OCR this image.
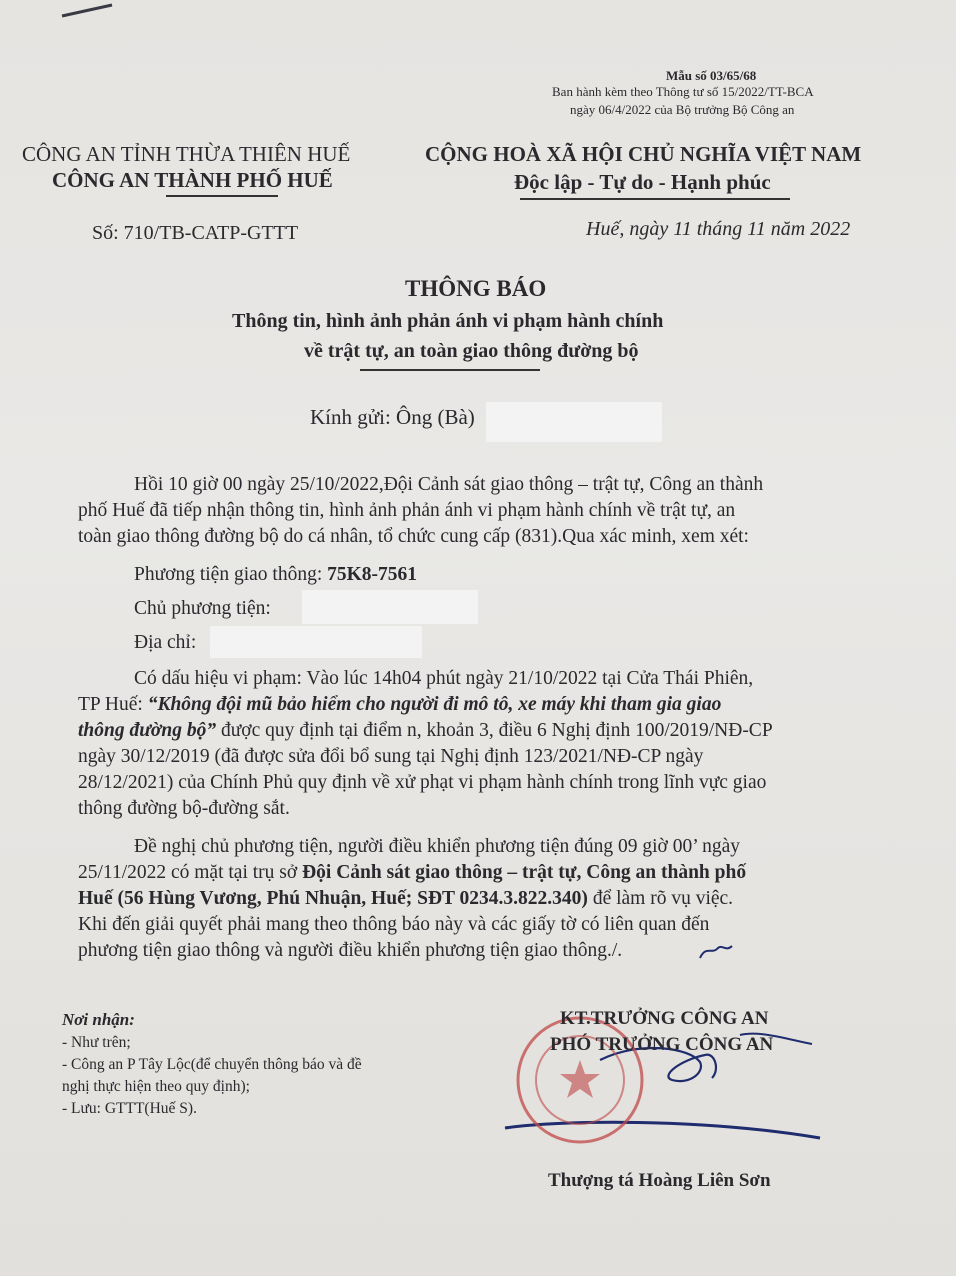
Mẫu số 03/65/68
Ban hành kèm theo Thông tư số 15/2022/TT-BCA
ngày 06/4/2022 của Bộ trưởng Bộ Công an
CÔNG AN TỈNH THỪA THIÊN HUẾ
CÔNG AN THÀNH PHỐ HUẾ
CỘNG HOÀ XÃ HỘI CHỦ NGHĨA VIỆT NAM
Độc lập - Tự do - Hạnh phúc
Số: 710/TB-CATP-GTTT	Huế, ngày 11 tháng 11 năm 2022
THÔNG BÁO
Thông tin, hình ảnh phản ánh vi phạm hành chính
về trật tự, an toàn giao thông đường bộ
Kính gửi: Ông (Bà)
Hồi 10 giờ 00 ngày 25/10/2022,Đội Cảnh sát giao thông – trật tự, Công an thành
phố Huế đã tiếp nhận thông tin, hình ảnh phản ánh vi phạm hành chính về trật tự, an
toàn giao thông đường bộ do cá nhân, tổ chức cung cấp (831).Qua xác minh, xem xét:
Phương tiện giao thông: 75K8-7561
Chủ phương tiện:
Địa chỉ:
Có dấu hiệu vi phạm: Vào lúc 14h04 phút ngày 21/10/2022 tại Cửa Thái Phiên,
TP Huế: “Không đội mũ bảo hiểm cho người đi mô tô, xe máy khi tham gia giao
thông đường bộ” được quy định tại điểm n, khoản 3, điều 6 Nghị định 100/2019/NĐ-CP
ngày 30/12/2019 (đã được sửa đổi bổ sung tại Nghị định 123/2021/NĐ-CP ngày
28/12/2021) của Chính Phủ quy định về xử phạt vi phạm hành chính trong lĩnh vực giao
thông đường bộ-đường sắt.
Đề nghị chủ phương tiện, người điều khiển phương tiện đúng 09 giờ 00’ ngày
25/11/2022 có mặt tại trụ sở Đội Cảnh sát giao thông – trật tự, Công an thành phố
Huế (56 Hùng Vương, Phú Nhuận, Huế; SĐT 0234.3.822.340) để làm rõ vụ việc.
Khi đến giải quyết phải mang theo thông báo này và các giấy tờ có liên quan đến
phương tiện giao thông và người điều khiển phương tiện giao thông./.
Nơi nhận:
- Như trên;
- Công an P Tây Lộc(để chuyển thông báo và đề
nghị thực hiện theo quy định);
- Lưu: GTTT(Huế S).
KT.TRƯỞNG CÔNG AN
PHÓ TRƯỞNG CÔNG AN
Thượng tá Hoàng Liên Sơn
